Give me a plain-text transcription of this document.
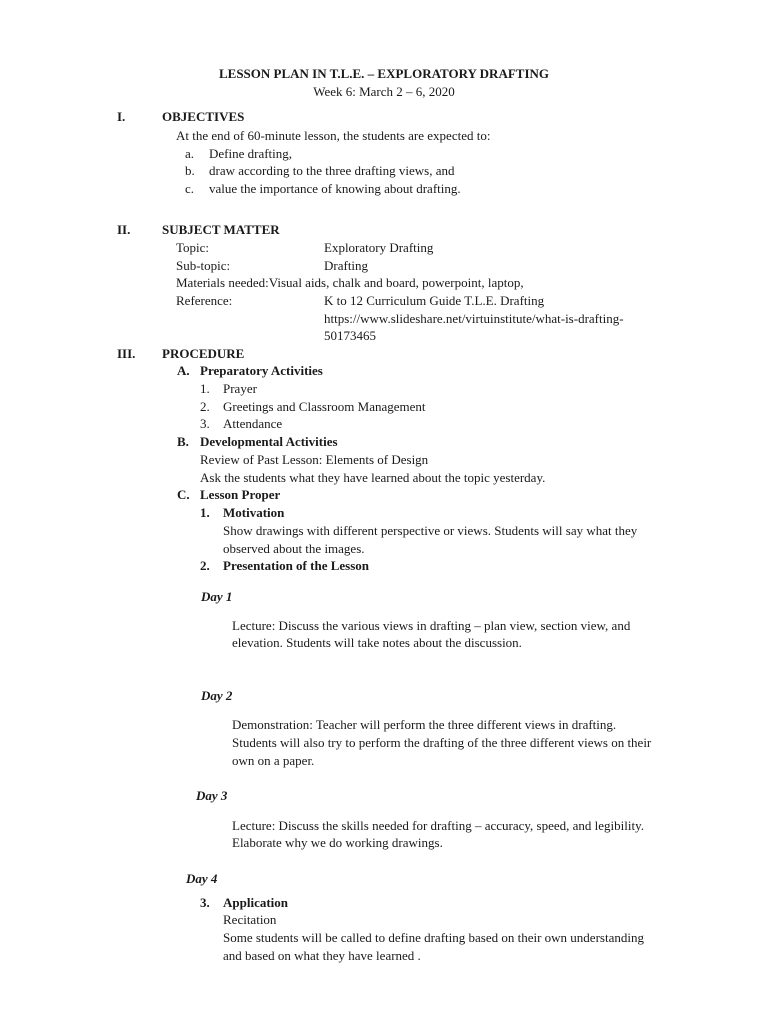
LESSON PLAN IN T.L.E. – EXPLORATORY DRAFTING
Week 6: March 2 – 6, 2020
I.	OBJECTIVES
At the end of 60-minute lesson, the students are expected to:
a. Define drafting,
b. draw according to the three drafting views, and
c. value the importance of knowing about drafting.
II. SUBJECT MATTER
Topic:	Exploratory Drafting
Sub-topic:	Drafting
Materials needed:Visual aids, chalk and board, powerpoint, laptop,
Reference:	K to 12 Curriculum Guide T.L.E. Drafting
https://www.slideshare.net/virtuinstitute/what-is-drafting-
50173465
III. PROCEDURE
A. Preparatory Activities
1. Prayer
2. Greetings and Classroom Management
3. Attendance
B. Developmental Activities
Review of Past Lesson: Elements of Design
Ask the students what they have learned about the topic yesterday.
C. Lesson Proper
1. Motivation
Show drawings with different perspective or views. Students will say what they
observed about the images.
2. Presentation of the Lesson
Day 1
Lecture: Discuss the various views in drafting – plan view, section view, and
elevation. Students will take notes about the discussion.
Day 2
Demonstration: Teacher will perform the three different views in drafting.
Students will also try to perform the drafting of the three different views on their
own on a paper.
Day 3
Lecture: Discuss the skills needed for drafting – accuracy, speed, and legibility.
Elaborate why we do working drawings.
Day 4
3. Application
Recitation
Some students will be called to define drafting based on their own understanding
and based on what they have learned .
